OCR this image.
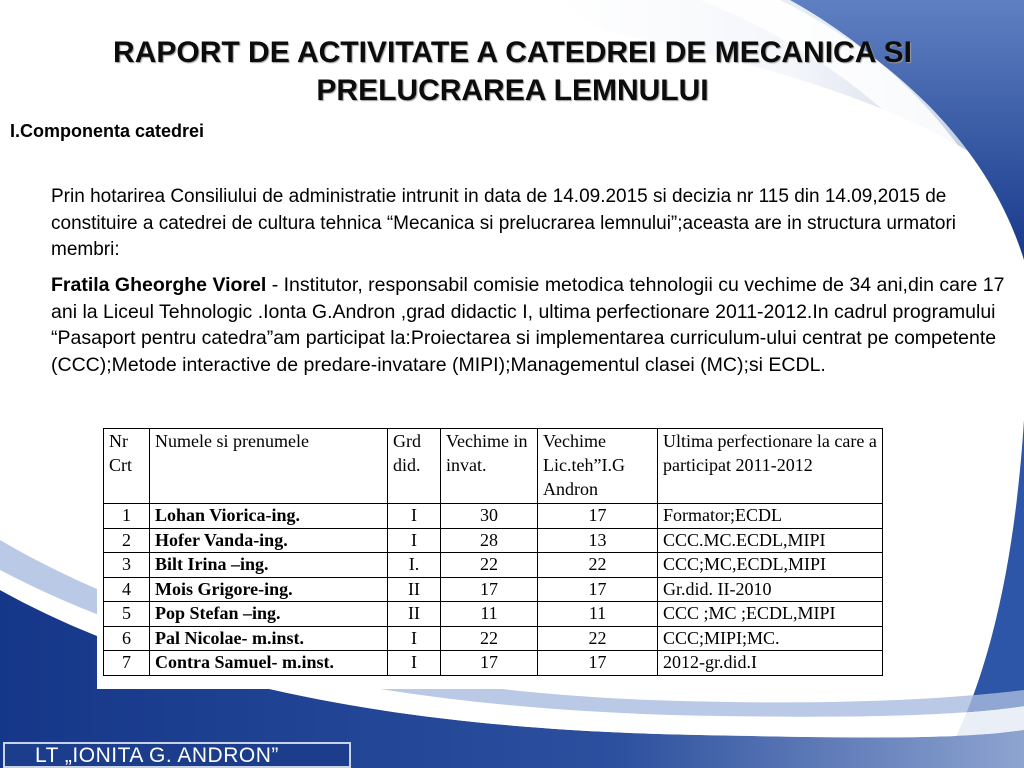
RAPORT DE ACTIVITATE A CATEDREI DE MECANICA SI PRELUCRAREA LEMNULUI
I.Componenta catedrei
Prin hotarirea Consiliului de administratie intrunit in data de 14.09.2015 si decizia nr 115 din 14.09,2015 de constituire a catedrei de cultura tehnica “Mecanica si prelucrarea lemnului”;aceasta are in structura urmatori membri:
Fratila Gheorghe Viorel - Institutor, responsabil comisie metodica tehnologii cu vechime de 34 ani,din care 17 ani la Liceul Tehnologic .Ionta G.Andron ,grad didactic I, ultima perfectionare 2011-2012.In cadrul programului “Pasaport pentru catedra”am participat la:Proiectarea si implementarea curriculum-ului centrat pe competente (CCC);Metode interactive de predare-invatare (MIPI);Managementul clasei (MC);si ECDL.
Nr Crt	Numele si prenumele	Grd did.	Vechime in invat.	Vechime Lic.teh”I.G Andron	Ultima perfectionare la care a participat 2011-2012
1	Lohan Viorica-ing.	I	30	17	Formator;ECDL
2	Hofer Vanda-ing.	I	28	13	CCC.MC.ECDL,MIPI
3	Bilt Irina –ing.	I.	22	22	CCC;MC,ECDL,MIPI
4	Mois Grigore-ing.	II	17	17	Gr.did. II-2010
5	Pop Stefan –ing.	II	11	11	CCC ;MC ;ECDL,MIPI
6	Pal Nicolae- m.inst.	I	22	22	CCC;MIPI;MC.
7	Contra Samuel- m.inst.	I	17	17	2012-gr.did.I
LT „IONITA G. ANDRON”
